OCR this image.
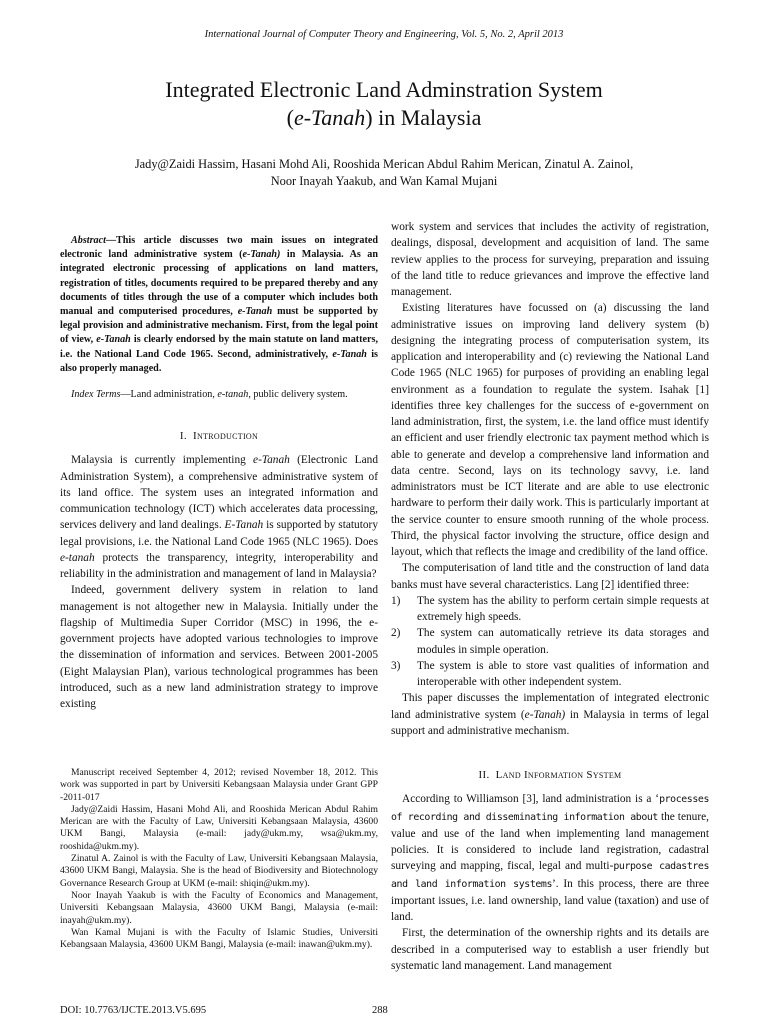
International Journal of Computer Theory and Engineering, Vol. 5, No. 2, April 2013
Integrated Electronic Land Adminstration System
(e-Tanah) in Malaysia
Jady@Zaidi Hassim, Hasani Mohd Ali, Rooshida Merican Abdul Rahim Merican, Zinatul A. Zainol,
Noor Inayah Yaakub, and Wan Kamal Mujani

Abstract—This article discusses two main issues on integrated electronic land administrative system (e-Tanah) in Malaysia. As an integrated electronic processing of applications on land matters, registration of titles, documents required to be prepared thereby and any documents of titles through the use of a computer which includes both manual and computerised procedures, e-Tanah must be supported by legal provision and administrative mechanism. First, from the legal point of view, e-Tanah is clearly endorsed by the main statute on land matters, i.e. the National Land Code 1965. Second, administratively, e-Tanah is also properly managed.

Index Terms—Land administration, e-tanah, public delivery system.

I. Introduction

Malaysia is currently implementing e-Tanah (Electronic Land Administration System), a comprehensive administrative system of its land office. The system uses an integrated information and communication technology (ICT) which accelerates data processing, services delivery and land dealings. E-Tanah is supported by statutory legal provisions, i.e. the National Land Code 1965 (NLC 1965). Does e-tanah protects the transparency, integrity, interoperability and reliability in the administration and management of land in Malaysia?

Indeed, government delivery system in relation to land management is not altogether new in Malaysia. Initially under the flagship of Multimedia Super Corridor (MSC) in 1996, the e-government projects have adopted various technologies to improve the dissemination of information and services. Between 2001-2005 (Eight Malaysian Plan), various technological programmes has been introduced, such as a new land administration strategy to improve existing

Manuscript received September 4, 2012; revised November 18, 2012. This work was supported in part by Universiti Kebangsaan Malaysia under Grant GPP -2011-017

Jady@Zaidi Hassim, Hasani Mohd Ali, and Rooshida Merican Abdul Rahim Merican are with the Faculty of Law, Universiti Kebangsaan Malaysia, 43600 UKM Bangi, Malaysia (e-mail: jady@ukm.my, wsa@ukm.my, rooshida@ukm.my).

Zinatul A. Zainol is with the Faculty of Law, Universiti Kebangsaan Malaysia, 43600 UKM Bangi, Malaysia. She is the head of Biodiversity and Biotechnology Governance Research Group at UKM (e-mail: shiqin@ukm.my).

Noor Inayah Yaakub is with the Faculty of Economics and Management, Universiti Kebangsaan Malaysia, 43600 UKM Bangi, Malaysia (e-mail: inayah@ukm.my).

Wan Kamal Mujani is with the Faculty of Islamic Studies, Universiti Kebangsaan Malaysia, 43600 UKM Bangi, Malaysia (e-mail: inawan@ukm.my).

work system and services that includes the activity of registration, dealings, disposal, development and acquisition of land. The same review applies to the process for surveying, preparation and issuing of the land title to reduce grievances and improve the effective land management.

Existing literatures have focussed on (a) discussing the land administrative issues on improving land delivery system (b) designing the integrating process of computerisation system, its application and interoperability and (c) reviewing the National Land Code 1965 (NLC 1965) for purposes of providing an enabling legal environment as a foundation to regulate the system. Isahak [1] identifies three key challenges for the success of e-government on land administration, first, the system, i.e. the land office must identify an efficient and user friendly electronic tax payment method which is able to generate and develop a comprehensive land information and data centre. Second, lays on its technology savvy, i.e. land administrators must be ICT literate and are able to use electronic hardware to perform their daily work. This is particularly important at the service counter to ensure smooth running of the whole process. Third, the physical factor involving the structure, office design and layout, which that reflects the image and credibility of the land office.

The computerisation of land title and the construction of land data banks must have several characteristics. Lang [2] identified three:

1) The system has the ability to perform certain simple requests at extremely high speeds.
2) The system can automatically retrieve its data storages and modules in simple operation.
3) The system is able to store vast qualities of information and interoperable with other independent system.

This paper discusses the implementation of integrated electronic land administrative system (e-Tanah) in Malaysia in terms of legal support and administrative mechanism.

II. Land Information System

According to Williamson [3], land administration is a ‘processes of recording and disseminating information about the tenure, value and use of the land when implementing land management policies. It is considered to include land registration, cadastral surveying and mapping, fiscal, legal and multi-purpose cadastres and land information systems’. In this process, there are three important issues, i.e. land ownership, land value (taxation) and use of land.

First, the determination of the ownership rights and its details are described in a computerised way to establish a user friendly but systematic land management. Land management

DOI: 10.7763/IJCTE.2013.V5.695	288
